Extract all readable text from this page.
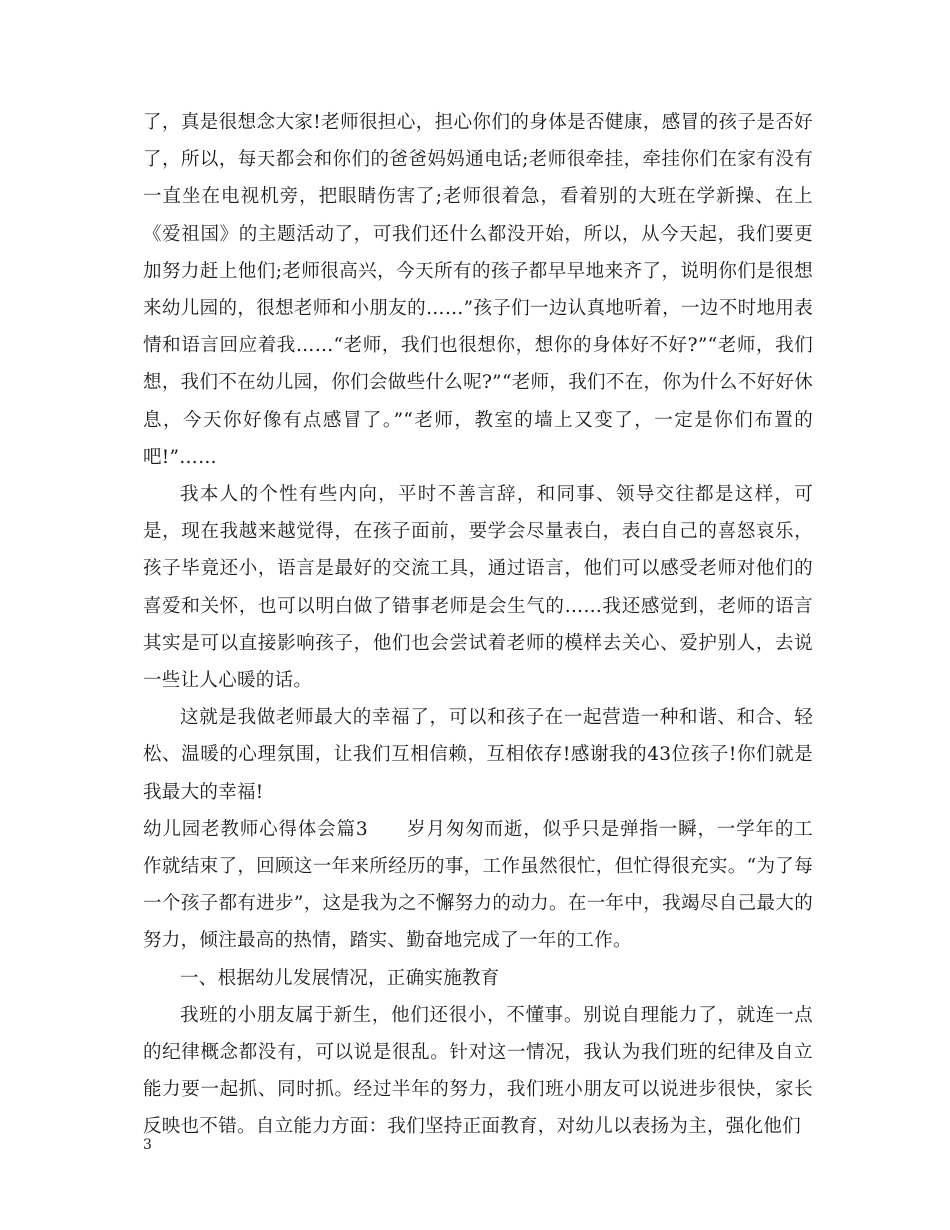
了，真是很想念大家!老师很担心，担心你们的身体是否健康，感冒的孩子是否好了，所以，每天都会和你们的爸爸妈妈通电话;老师很牵挂，牵挂你们在家有没有一直坐在电视机旁，把眼睛伤害了;老师很着急，看着别的大班在学新操、在上《爱祖国》的主题活动了，可我们还什么都没开始，所以，从今天起，我们要更加努力赶上他们;老师很高兴，今天所有的孩子都早早地来齐了，说明你们是很想来幼儿园的，很想老师和小朋友的……”孩子们一边认真地听着，一边不时地用表情和语言回应着我……“老师，我们也很想你，想你的身体好不好?”“老师，我们想，我们不在幼儿园，你们会做些什么呢?”“老师，我们不在，你为什么不好好休息，今天你好像有点感冒了。”“老师，教室的墙上又变了，一定是你们布置的吧!”……

我本人的个性有些内向，平时不善言辞，和同事、领导交往都是这样，可是，现在我越来越觉得，在孩子面前，要学会尽量表白，表白自己的喜怒哀乐，孩子毕竟还小，语言是最好的交流工具，通过语言，他们可以感受老师对他们的喜爱和关怀，也可以明白做了错事老师是会生气的……我还感觉到，老师的语言其实是可以直接影响孩子，他们也会尝试着老师的模样去关心、爱护别人，去说一些让人心暖的话。

这就是我做老师最大的幸福了，可以和孩子在一起营造一种和谐、和合、轻松、温暖的心理氛围，让我们互相信赖，互相依存!感谢我的43位孩子!你们就是我最大的幸福!

幼儿园老教师心得体会篇3　　岁月匆匆而逝，似乎只是弹指一瞬，一学年的工作就结束了，回顾这一年来所经历的事，工作虽然很忙，但忙得很充实。“为了每一个孩子都有进步”，这是我为之不懈努力的动力。在一年中，我竭尽自己最大的努力，倾注最高的热情，踏实、勤奋地完成了一年的工作。

一、根据幼儿发展情况，正确实施教育

我班的小朋友属于新生，他们还很小，不懂事。别说自理能力了，就连一点的纪律概念都没有，可以说是很乱。针对这一情况，我认为我们班的纪律及自立能力要一起抓、同时抓。经过半年的努力，我们班小朋友可以说进步很快，家长反映也不错。自立能力方面：我们坚持正面教育，对幼儿以表扬为主，强化他们

3
